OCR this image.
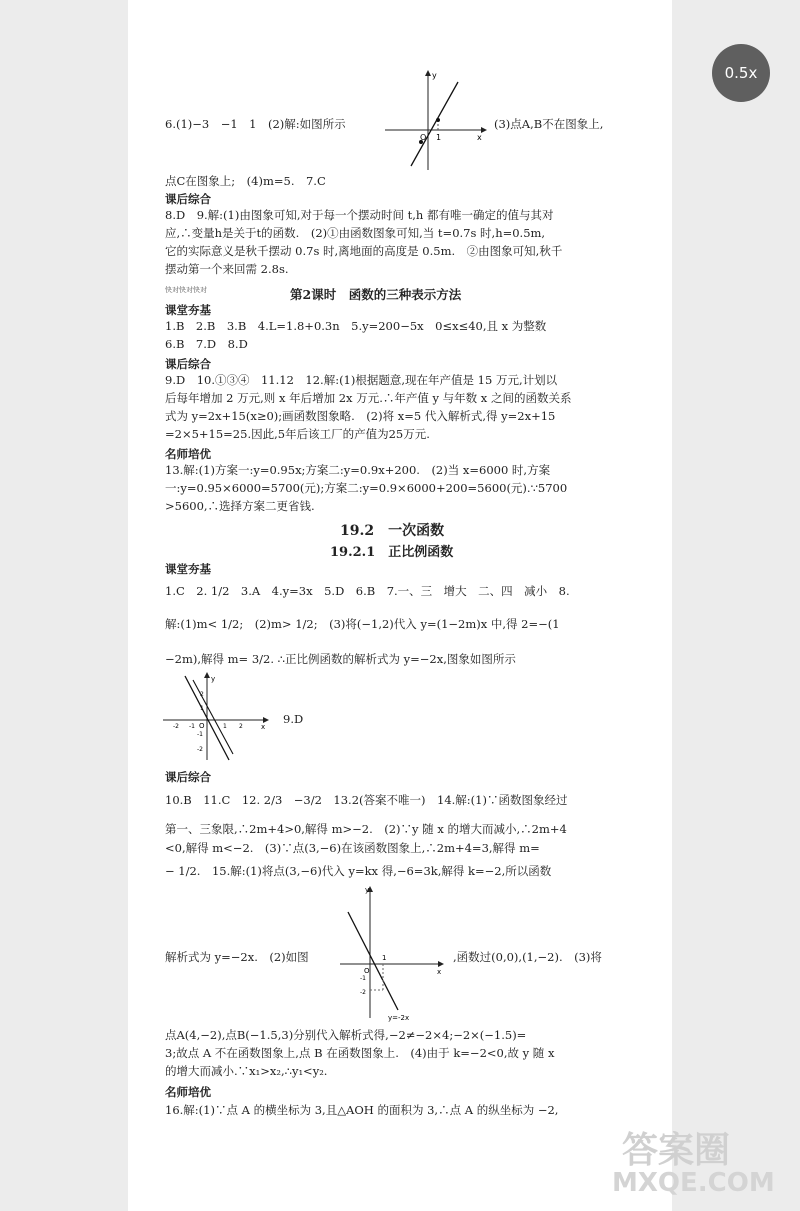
6.(1)−3　−1　1　(2)解:如图所示
y
x
O 1
(3)点A,B不在图象上,
点C在图象上;　(4)m=5.　7.C
课后综合
8.D　9.解:(1)由图象可知,对于每一个摆动时间 t,h 都有唯一确定的值与其对
应,∴变量h是关于t的函数.　(2)①由函数图象可知,当 t=0.7s 时,h=0.5m,
它的实际意义是秋千摆动 0.7s 时,离地面的高度是 0.5m.　②由图象可知,秋千
摆动第一个来回需 2.8s.
快对快对快对	第2课时　函数的三种表示方法
课堂夯基
1.B　2.B　3.B　4.L=1.8+0.3n　5.y=200−5x　0≤x≤40,且 x 为整数
6.B　7.D　8.D
课后综合
9.D　10.①③④　11.12　12.解:(1)根据题意,现在年产值是 15 万元,计划以
后每年增加 2 万元,则 x 年后增加 2x 万元.∴年产值 y 与年数 x 之间的函数关系
式为 y=2x+15(x≥0);画函数图象略.　(2)将 x=5 代入解析式,得 y=2x+15
=2×5+15=25.因此,5年后该工厂的产值为25万元.
名师培优
13.解:(1)方案一:y=0.95x;方案二:y=0.9x+200.　(2)当 x=6000 时,方案
一:y=0.95×6000=5700(元);方案二:y=0.9×6000+200=5600(元).∵5700
>5600,∴选择方案二更省钱.
19.2　一次函数
19.2.1　正比例函数
课堂夯基
1.C　2. 1/2　3.A　4.y=3x　5.D　6.B　7.一、三　增大　二、四　减小　8.
解:(1)m< 1/2;　(2)m> 1/2;　(3)将(−1,2)代入 y=(1−2m)x 中,得 2=−(1
−2m),解得 m= 3/2. ∴正比例函数的解析式为 y=−2x,图象如图所示
y
x
O
-2 -1	1 2
2
1
-1
-2
9.D
课后综合
10.B　11.C　12. 2/3　−3/2　13.2(答案不唯一)　14.解:(1)∵函数图象经过
第一、三象限,∴2m+4>0,解得 m>−2.　(2)∵y 随 x 的增大而减小,∴2m+4
<0,解得 m<−2.　(3)∵点(3,−6)在该函数图象上,∴2m+4=3,解得 m=
− 1/2.　15.解:(1)将点(3,−6)代入 y=kx 得,−6=3k,解得 k=−2,所以函数
解析式为 y=−2x.　(2)如图
y
x
O
1
-1
-2
y=-2x
,函数过(0,0),(1,−2).　(3)将
点A(4,−2),点B(−1.5,3)分别代入解析式得,−2≠−2×4;−2×(−1.5)=
3;故点 A 不在函数图象上,点 B 在函数图象上.　(4)由于 k=−2<0,故 y 随 x
的增大而减小.∵x₁>x₂,∴y₁<y₂.
名师培优
16.解:(1)∵点 A 的横坐标为 3,且△AOH 的面积为 3,∴点 A 的纵坐标为 −2,
答案圈
MXQE.COM
0.5x
